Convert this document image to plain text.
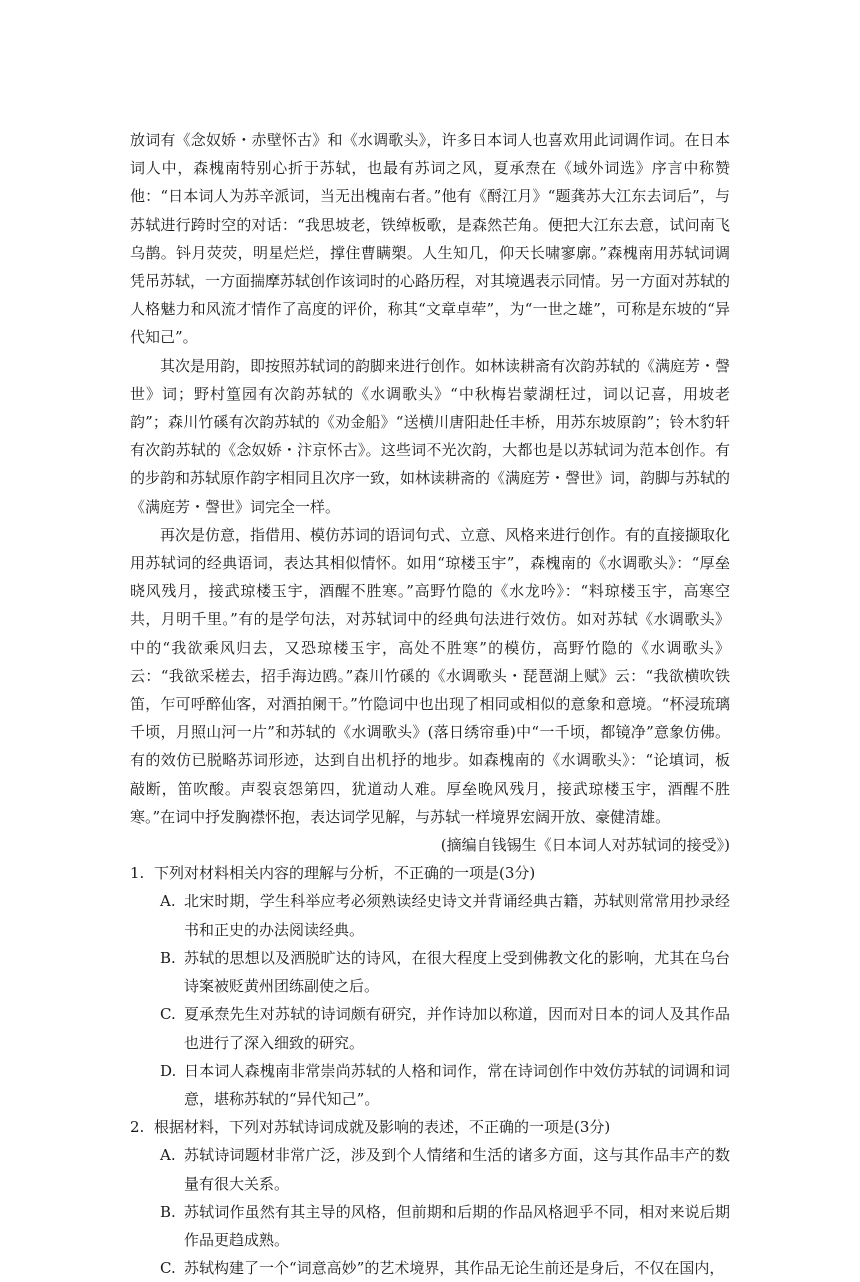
放词有《念奴娇・赤壁怀古》和《水调歌头》，许多日本词人也喜欢用此词调作词。在日本词人中，森槐南特别心折于苏轼，也最有苏词之风，夏承焘在《域外词选》序言中称赞他：“日本词人为苏辛派词，当无出槐南右者。”他有《酹江月》“题龚苏大江东去词后”，与苏轼进行跨时空的对话：“我思坡老，铁绰板歌，是森然芒角。便把大江东去意，试问南飞乌鹊。钭月荧荧，明星烂烂，撑住曹瞒槊。人生知几，仰天长啸寥廓。”森槐南用苏轼词调凭吊苏轼，一方面揣摩苏轼创作该词时的心路历程，对其境遇表示同情。另一方面对苏轼的人格魅力和风流才情作了高度的评价，称其“文章卓荦”，为“一世之雄”，可称是东坡的“异代知己”。

其次是用韵，即按照苏轼词的韵脚来进行创作。如林读耕斋有次韵苏轼的《满庭芳・謦世》词；野村篁园有次韵苏轼的《水调歌头》“中秋梅岩蒙湖枉过，词以记喜，用坡老韵”；森川竹磎有次韵苏轼的《劝金船》“送横川唐阳赴任丰桥，用苏东坡原韵”；铃木豹轩有次韵苏轼的《念奴娇・汴京怀古》。这些词不光次韵，大都也是以苏轼词为范本创作。有的步韵和苏轼原作韵字相同且次序一致，如林读耕斋的《满庭芳・謦世》词，韵脚与苏轼的《满庭芳・謦世》词完全一样。

再次是仿意，指借用、模仿苏词的语词句式、立意、风格来进行创作。有的直接撷取化用苏轼词的经典语词，表达其相似情怀。如用“琼楼玉宇”，森槐南的《水调歌头》：“厚垒晓风残月，接武琼楼玉宇，酒醒不胜寒。”高野竹隐的《水龙吟》：“料琼楼玉宇，高寒空共，月明千里。”有的是学句法，对苏轼词中的经典句法进行效仿。如对苏轼《水调歌头》中的“我欲乘风归去，又恐琼楼玉宇，高处不胜寒”的模仿，高野竹隐的《水调歌头》云：“我欲采槎去，招手海边鸥。”森川竹磎的《水调歌头・琵琶湖上赋》云：“我欲横吹铁笛，乍可呼醉仙客，对酒拍阑干。”竹隐词中也出现了相同或相似的意象和意境。“杯浸琉璃千顷，月照山河一片”和苏轼的《水调歌头》(落日绣帘垂)中“一千顷，都镜净”意象仿佛。有的效仿已脱略苏词形迹，达到自出机抒的地步。如森槐南的《水调歌头》：“论填词，板敲断，笛吹酸。声裂哀怨第四，犹道动人难。厚垒晚风残月，接武琼楼玉宇，酒醒不胜寒。”在词中抒发胸襟怀抱，表达词学见解，与苏轼一样境界宏阔开放、豪健清雄。

(摘编自钱锡生《日本词人对苏轼词的接受》)

1. 下列对材料相关内容的理解与分析，不正确的一项是(3分)
A. 北宋时期，学生科举应考必须熟读经史诗文并背诵经典古籍，苏轼则常常用抄录经书和正史的办法阅读经典。
B. 苏轼的思想以及洒脱旷达的诗风，在很大程度上受到佛教文化的影响，尤其在乌台诗案被贬黄州团练副使之后。
C. 夏承焘先生对苏轼的诗词颇有研究，并作诗加以称道，因而对日本的词人及其作品也进行了深入细致的研究。
D. 日本词人森槐南非常崇尚苏轼的人格和词作，常在诗词创作中效仿苏轼的词调和词意，堪称苏轼的“异代知己”。
2. 根据材料，下列对苏轼诗词成就及影响的表述，不正确的一项是(3分)
A. 苏轼诗词题材非常广泛，涉及到个人情绪和生活的诸多方面，这与其作品丰产的数量有很大关系。
B. 苏轼词作虽然有其主导的风格，但前期和后期的作品风格迥乎不同，相对来说后期作品更趋成熟。
C. 苏轼构建了一个“词意高妙”的艺术境界，其作品无论生前还是身后，不仅在国内，
